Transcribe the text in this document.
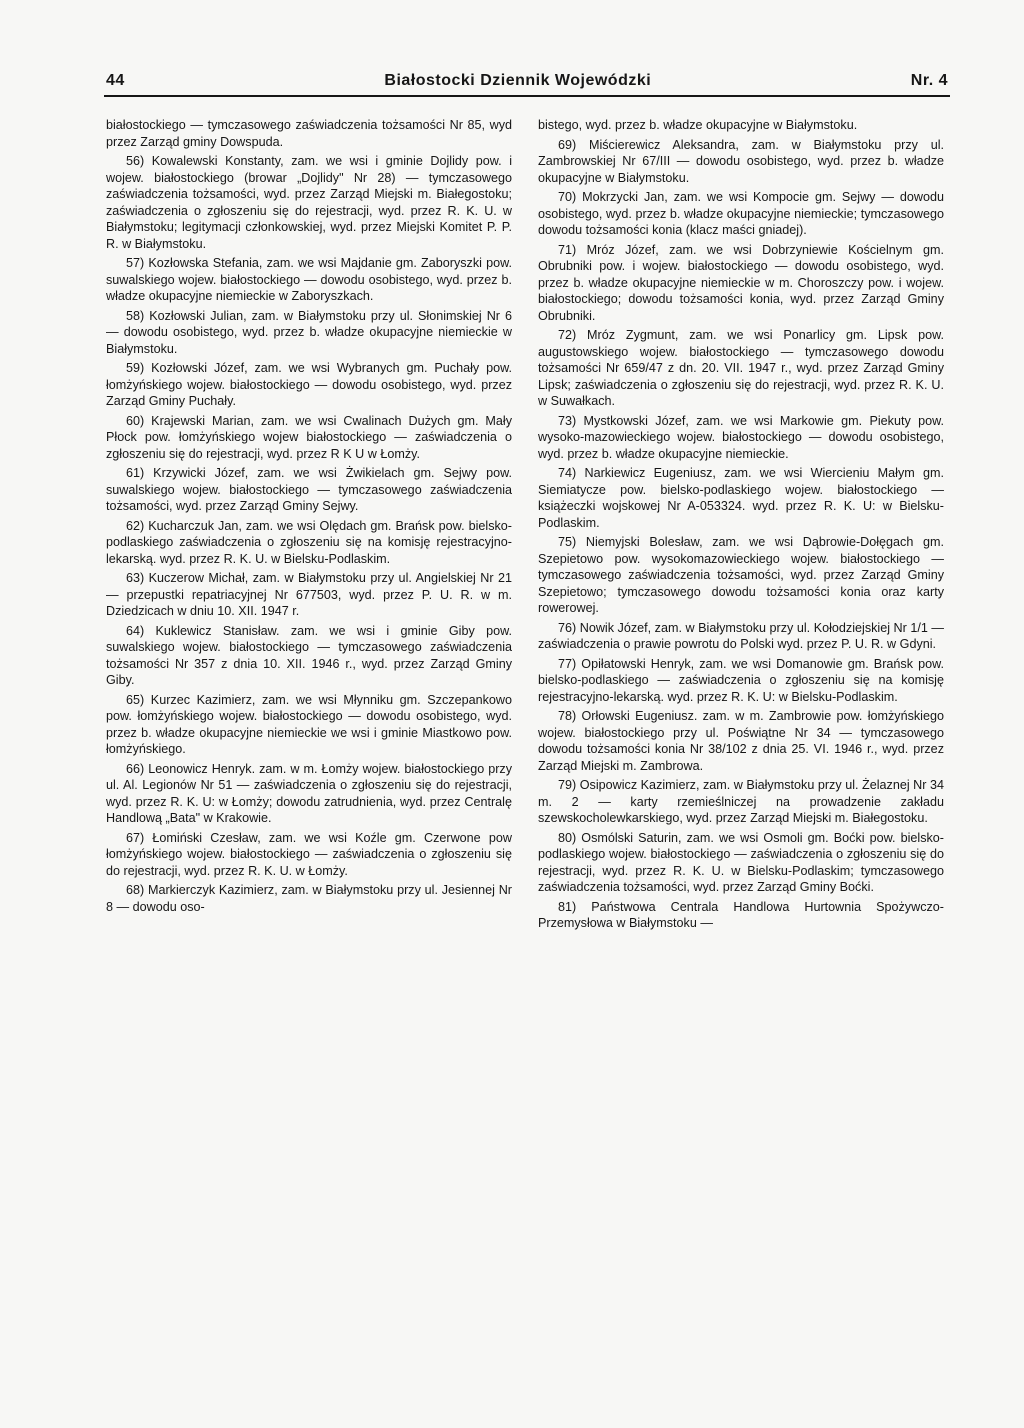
44	Białostocki Dziennik Wojewódzki	Nr. 4

białostockiego — tymczasowego zaświadczenia tożsamości Nr 85, wyd przez Zarząd gminy Dowspuda.

56) Kowalewski Konstanty, zam. we wsi i gminie Dojlidy pow. i wojew. białostockiego (browar „Dojlidy" Nr 28) — tymczasowego zaświadczenia tożsamości, wyd. przez Zarząd Miejski m. Białegostoku; zaświadczenia o zgłoszeniu się do rejestracji, wyd. przez R. K. U. w Białymstoku; legitymacji członkowskiej, wyd. przez Miejski Komitet P. P. R. w Białymstoku.

57) Kozłowska Stefania, zam. we wsi Majdanie gm. Zaboryszki pow. suwalskiego wojew. białostockiego — dowodu osobistego, wyd. przez b. władze okupacyjne niemieckie w Zaboryszkach.

58) Kozłowski Julian, zam. w Białymstoku przy ul. Słonimskiej Nr 6 — dowodu osobistego, wyd. przez b. władze okupacyjne niemieckie w Białymstoku.

59) Kozłowski Józef, zam. we wsi Wybranych gm. Puchały pow. łomżyńskiego wojew. białostockiego — dowodu osobistego, wyd. przez Zarząd Gminy Puchały.

60) Krajewski Marian, zam. we wsi Cwalinach Dużych gm. Mały Płock pow. łomżyńskiego wojew białostockiego — zaświadczenia o zgłoszeniu się do rejestracji, wyd. przez R K U w Łomży.

61) Krzywicki Józef, zam. we wsi Żwikielach gm. Sejwy pow. suwalskiego wojew. białostockiego — tymczasowego zaświadczenia tożsamości, wyd. przez Zarząd Gminy Sejwy.

62) Kucharczuk Jan, zam. we wsi Olędach gm. Brańsk pow. bielsko-podlaskiego zaświadczenia o zgłoszeniu się na komisję rejestracyjno-lekarską. wyd. przez R. K. U. w Bielsku-Podlaskim.

63) Kuczerow Michał, zam. w Białymstoku przy ul. Angielskiej Nr 21 — przepustki repatriacyjnej Nr 677503, wyd. przez P. U. R. w m. Dziedzicach w dniu 10. XII. 1947 r.

64) Kuklewicz Stanisław. zam. we wsi i gminie Giby pow. suwalskiego wojew. białostockiego — tymczasowego zaświadczenia tożsamości Nr 357 z dnia 10. XII. 1946 r., wyd. przez Zarząd Gminy Giby.

65) Kurzec Kazimierz, zam. we wsi Młynniku gm. Szczepankowo pow. łomżyńskiego wojew. białostockiego — dowodu osobistego, wyd. przez b. władze okupacyjne niemieckie we wsi i gminie Miastkowo pow. łomżyńskiego.

66) Leonowicz Henryk. zam. w m. Łomży wojew. białostockiego przy ul. Al. Legionów Nr 51 — zaświadczenia o zgłoszeniu się do rejestracji, wyd. przez R. K. U: w Łomży; dowodu zatrudnienia, wyd. przez Centralę Handlową „Bata" w Krakowie.

67) Łomiński Czesław, zam. we wsi Koźle gm. Czerwone pow łomżyńskiego wojew. białostockiego — zaświadczenia o zgłoszeniu się do rejestracji, wyd. przez R. K. U. w Łomży.

68) Markierczyk Kazimierz, zam. w Białymstoku przy ul. Jesiennej Nr 8 — dowodu oso-

bistego, wyd. przez b. władze okupacyjne w Białymstoku.

69) Miścierewicz Aleksandra, zam. w Białymstoku przy ul. Zambrowskiej Nr 67/III — dowodu osobistego, wyd. przez b. władze okupacyjne w Białymstoku.

70) Mokrzycki Jan, zam. we wsi Kompocie gm. Sejwy — dowodu osobistego, wyd. przez b. władze okupacyjne niemieckie; tymczasowego dowodu tożsamości konia (klacz maści gniadej).

71) Mróz Józef, zam. we wsi Dobrzyniewie Kościelnym gm. Obrubniki pow. i wojew. białostockiego — dowodu osobistego, wyd. przez b. władze okupacyjne niemieckie w m. Choroszczy pow. i wojew. białostockiego; dowodu tożsamości konia, wyd. przez Zarząd Gminy Obrubniki.

72) Mróz Zygmunt, zam. we wsi Ponarlicy gm. Lipsk pow. augustowskiego wojew. białostockiego — tymczasowego dowodu tożsamości Nr 659/47 z dn. 20. VII. 1947 r., wyd. przez Zarząd Gminy Lipsk; zaświadczenia o zgłoszeniu się do rejestracji, wyd. przez R. K. U. w Suwałkach.

73) Mystkowski Józef, zam. we wsi Markowie gm. Piekuty pow. wysoko-mazowieckiego wojew. białostockiego — dowodu osobistego, wyd. przez b. władze okupacyjne niemieckie.

74) Narkiewicz Eugeniusz, zam. we wsi Wiercieniu Małym gm. Siemiatycze pow. bielsko-podlaskiego wojew. białostockiego — książeczki wojskowej Nr A-053324. wyd. przez R. K. U: w Bielsku-Podlaskim.

75) Niemyjski Bolesław, zam. we wsi Dąbrowie-Dołęgach gm. Szepietowo pow. wysokomazowieckiego wojew. białostockiego — tymczasowego zaświadczenia tożsamości, wyd. przez Zarząd Gminy Szepietowo; tymczasowego dowodu tożsamości konia oraz karty rowerowej.

76) Nowik Józef, zam. w Białymstoku przy ul. Kołodziejskiej Nr 1/1 — zaświadczenia o prawie powrotu do Polski wyd. przez P. U. R. w Gdyni.

77) Opiłatowski Henryk, zam. we wsi Domanowie gm. Brańsk pow. bielsko-podlaskiego — zaświadczenia o zgłoszeniu się na komisję rejestracyjno-lekarską. wyd. przez R. K. U: w Bielsku-Podlaskim.

78) Orłowski Eugeniusz. zam. w m. Zambrowie pow. łomżyńskiego wojew. białostockiego przy ul. Poświątne Nr 34 — tymczasowego dowodu tożsamości konia Nr 38/102 z dnia 25. VI. 1946 r., wyd. przez Zarząd Miejski m. Zambrowa.

79) Osipowicz Kazimierz, zam. w Białymstoku przy ul. Żelaznej Nr 34 m. 2 — karty rzemieślniczej na prowadzenie zakładu szewskocholewkarskiego, wyd. przez Zarząd Miejski m. Białegostoku.

80) Osmólski Saturin, zam. we wsi Osmoli gm. Boćki pow. bielsko-podlaskiego wojew. białostockiego — zaświadczenia o zgłoszeniu się do rejestracji, wyd. przez R. K. U. w Bielsku-Podlaskim; tymczasowego zaświadczenia tożsamości, wyd. przez Zarząd Gminy Boćki.

81) Państwowa Centrala Handlowa Hurtownia Spożywczo-Przemysłowa w Białymstoku —
